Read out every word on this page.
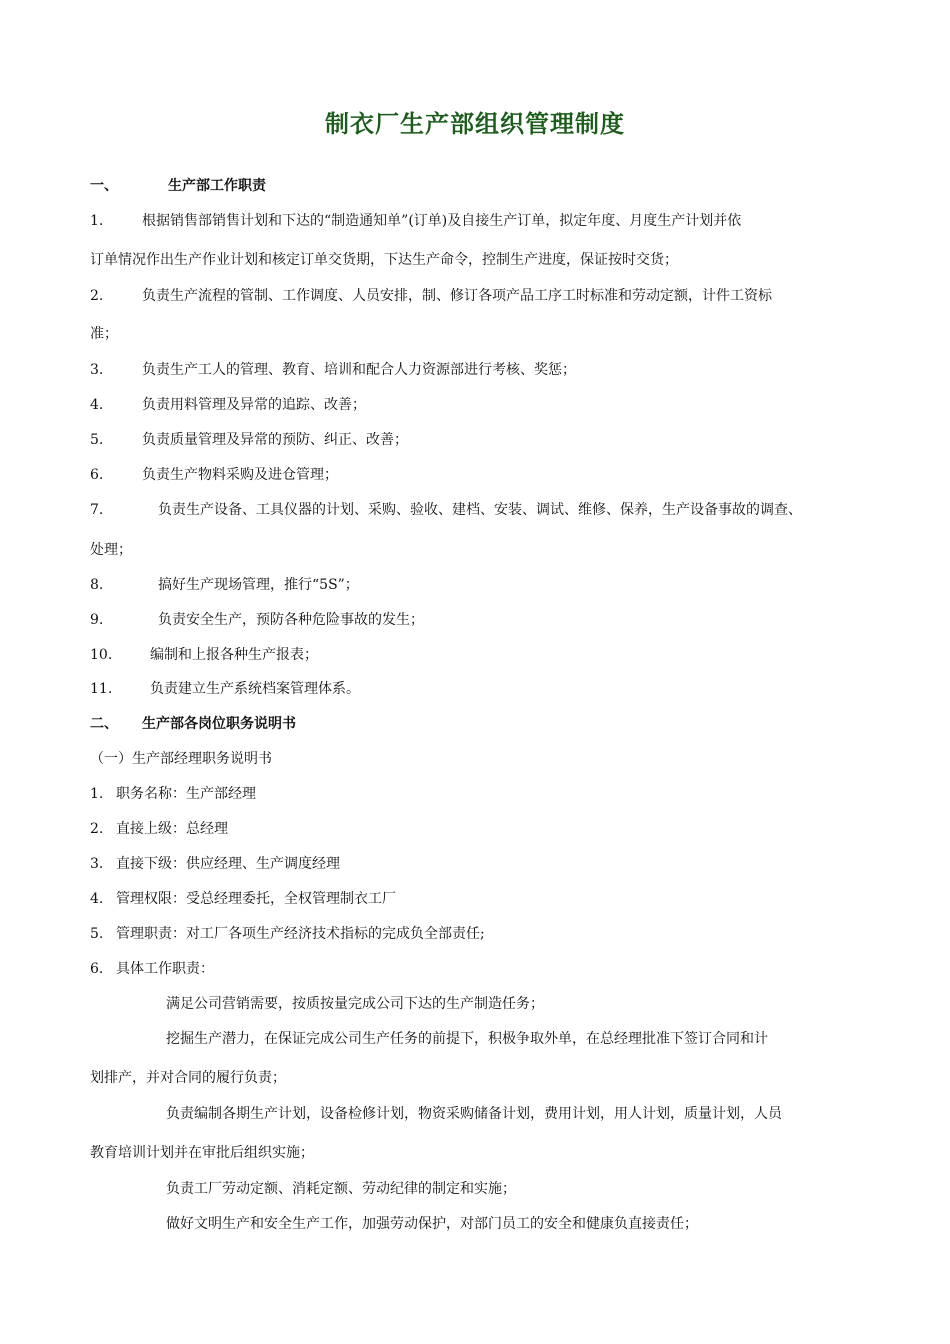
制衣厂生产部组织管理制度
一、	生产部工作职责
1.	根据销售部销售计划和下达的“制造通知单”(订单)及自接生产订单，拟定年度、月度生产计划并依
订单情况作出生产作业计划和核定订单交货期，下达生产命令，控制生产进度，保证按时交货；
2.	负责生产流程的管制、工作调度、人员安排，制、修订各项产品工序工时标准和劳动定额，计件工资标
准；
3.	负责生产工人的管理、教育、培训和配合人力资源部进行考核、奖惩；
4.	负责用料管理及异常的追踪、改善；
5.	负责质量管理及异常的预防、纠正、改善；
6.	负责生产物料采购及进仓管理；
7.	负责生产设备、工具仪器的计划、采购、验收、建档、安装、调试、维修、保养，生产设备事故的调查、
处理；
8.	搞好生产现场管理，推行“5S”；
9.	负责安全生产，预防各种危险事故的发生；
10.	编制和上报各种生产报表；
11.	负责建立生产系统档案管理体系。
二、 生产部各岗位职务说明书
（一）生产部经理职务说明书
1. 职务名称：生产部经理
2. 直接上级：总经理
3. 直接下级：供应经理、生产调度经理
4. 管理权限：受总经理委托，全权管理制衣工厂
5. 管理职责：对工厂各项生产经济技术指标的完成负全部责任;
6. 具体工作职责：
满足公司营销需要，按质按量完成公司下达的生产制造任务；
挖掘生产潜力，在保证完成公司生产任务的前提下，积极争取外单，在总经理批准下签订合同和计
划排产，并对合同的履行负责；
负责编制各期生产计划，设备检修计划，物资采购储备计划，费用计划，用人计划，质量计划，人员
教育培训计划并在审批后组织实施；
负责工厂劳动定额、消耗定额、劳动纪律的制定和实施；
做好文明生产和安全生产工作，加强劳动保护，对部门员工的安全和健康负直接责任；
